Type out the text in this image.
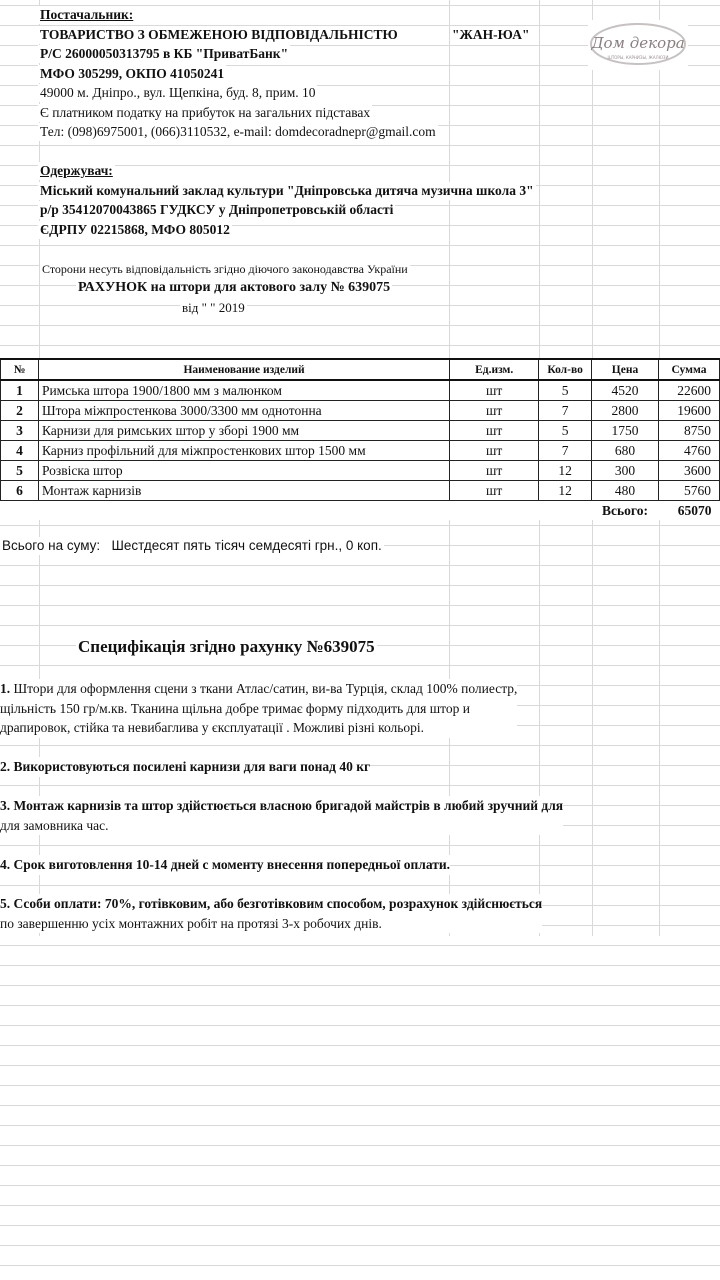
Постачальник:
ТОВАРИСТВО З ОБМЕЖЕНОЮ ВІДПОВІДАЛЬНІСТЮ	"ЖАН-ЮА"
Р/С 26000050313795 в КБ "ПриватБанк"
МФО 305299, ОКПО 41050241
49000 м. Дніпро., вул. Щепкіна, буд. 8, прим. 10
Є платником податку на прибуток на загальних підставах
Тел: (098)6975001, (066)3110532, e-mail: domdecoradnepr@gmail.com
Дом декора
ШТОРЫ, КАРНИЗЫ, ЖАЛЮЗИ
Одержувач:
Міський комунальний заклад культури "Дніпровська дитяча музична школа 3"
р/р 35412070043865 ГУДКСУ у Дніпропетровській області
ЄДРПУ 02215868, МФО 805012
Сторони несуть відповідальність згідно діючого законодавства України
РАХУНОК на штори для актового залу № 639075
від " " 2019
№	Наименование изделий	Ед.изм.	Кол-во	Цена	Сумма
1	Римська штора 1900/1800 мм з малюнком	шт	5	4520	22600
2	Штора міжпростенкова 3000/3300 мм однотонна	шт	7	2800	19600
3	Карнизи для римських штор у зборі 1900 мм	шт	5	1750	8750
4	Карниз профільний для міжпростенкових штор 1500 мм	шт	7	680	4760
5	Розвіска штор	шт	12	300	3600
6	Монтаж карнизів	шт	12	480	5760
				Всього:	65070
Всього на суму: Шестдесят пять тісяч семдесяті грн., 0 коп.
Специфікація згідно рахунку №639075
1. Штори для оформлення сцени з ткани Атлас/сатин, ви-ва Турція, склад 100% полиестр,
щільність 150 гр/м.кв. Тканина щільна добре тримає форму підходить для штор и
драпировок, стійка та невибаглива у єксплуатації . Можливі різні кольорі.
2. Використовуються посилені карнизи для ваги понад 40 кг
3. Монтаж карнизів та штор здійстюється власною бригадой майстрів в любий зручний для
для замовника час.
4. Срок виготовлення 10-14 дней с моменту внесення попередньої оплати.
5. Ссоби оплати: 70%, готівковим, або безготівковим способом, розрахунок здійснюється
по завершенню усіх монтажних робіт на протязі 3-х робочих днів.
